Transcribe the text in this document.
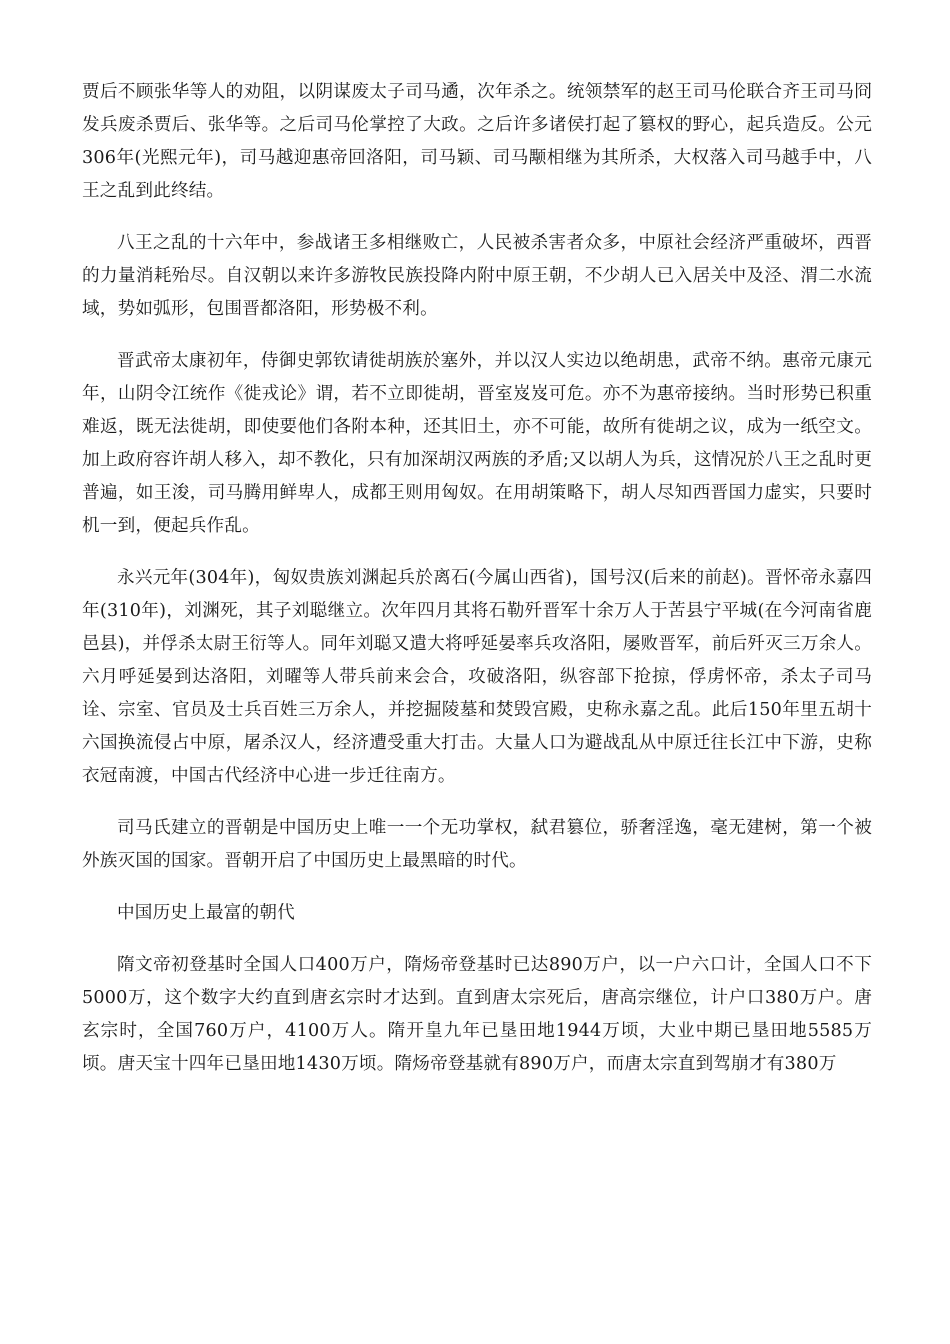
贾后不顾张华等人的劝阻，以阴谋废太子司马遹，次年杀之。统领禁军的赵王司马伦联合齐王司马冏发兵废杀贾后、张华等。之后司马伦掌控了大政。之后许多诸侯打起了篡权的野心，起兵造反。公元306年(光熙元年)，司马越迎惠帝回洛阳，司马颖、司马颙相继为其所杀，大权落入司马越手中，八王之乱到此终结。

八王之乱的十六年中，参战诸王多相继败亡，人民被杀害者众多，中原社会经济严重破坏，西晋的力量消耗殆尽。自汉朝以来许多游牧民族投降内附中原王朝，不少胡人已入居关中及泾、渭二水流域，势如弧形，包围晋都洛阳，形势极不利。

晋武帝太康初年，侍御史郭钦请徙胡族於塞外，并以汉人实边以绝胡患，武帝不纳。惠帝元康元年，山阴令江统作《徙戎论》谓，若不立即徙胡，晋室岌岌可危。亦不为惠帝接纳。当时形势已积重难返，既无法徙胡，即使要他们各附本种，还其旧土，亦不可能，故所有徙胡之议，成为一纸空文。加上政府容许胡人移入，却不教化，只有加深胡汉两族的矛盾;又以胡人为兵，这情况於八王之乱时更普遍，如王浚，司马腾用鲜卑人，成都王则用匈奴。在用胡策略下，胡人尽知西晋国力虚实，只要时机一到，便起兵作乱。

永兴元年(304年)，匈奴贵族刘渊起兵於离石(今属山西省)，国号汉(后来的前赵)。晋怀帝永嘉四年(310年)，刘渊死，其子刘聪继立。次年四月其将石勒歼晋军十余万人于苦县宁平城(在今河南省鹿邑县)，并俘杀太尉王衍等人。同年刘聪又遣大将呼延晏率兵攻洛阳，屡败晋军，前后歼灭三万余人。六月呼延晏到达洛阳，刘曜等人带兵前来会合，攻破洛阳，纵容部下抢掠，俘虏怀帝，杀太子司马诠、宗室、官员及士兵百姓三万余人，并挖掘陵墓和焚毁宫殿，史称永嘉之乱。此后150年里五胡十六国换流侵占中原，屠杀汉人，经济遭受重大打击。大量人口为避战乱从中原迁往长江中下游，史称衣冠南渡，中国古代经济中心进一步迁往南方。

司马氏建立的晋朝是中国历史上唯一一个无功掌权，弑君篡位，骄奢淫逸，毫无建树，第一个被外族灭国的国家。晋朝开启了中国历史上最黑暗的时代。

中国历史上最富的朝代

隋文帝初登基时全国人口400万户，隋炀帝登基时已达890万户，以一户六口计，全国人口不下5000万，这个数字大约直到唐玄宗时才达到。直到唐太宗死后，唐高宗继位，计户口380万户。唐玄宗时，全国760万户，4100万人。隋开皇九年已垦田地1944万顷，大业中期已垦田地5585万顷。唐天宝十四年已垦田地1430万顷。隋炀帝登基就有890万户，而唐太宗直到驾崩才有380万
